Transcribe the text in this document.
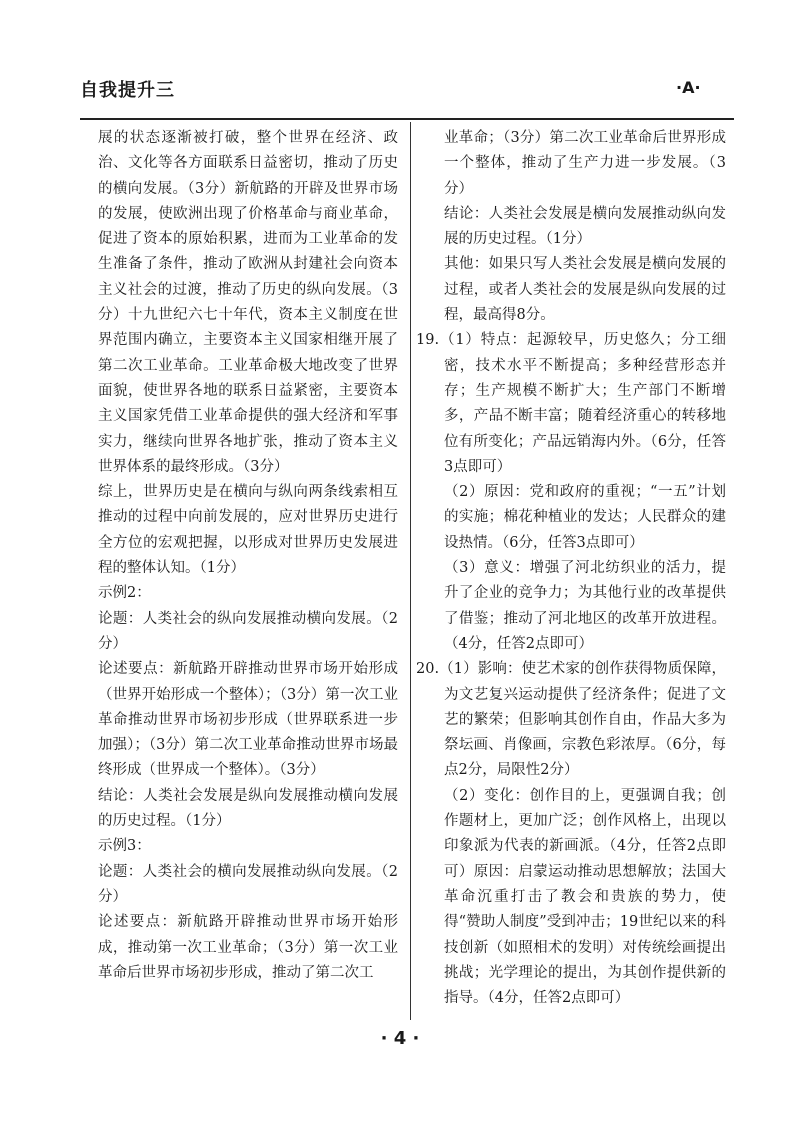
自我提升三	·A·

展的状态逐渐被打破，整个世界在经济、政治、文化等各方面联系日益密切，推动了历史的横向发展。（3分）新航路的开辟及世界市场的发展，使欧洲出现了价格革命与商业革命，促进了资本的原始积累，进而为工业革命的发生准备了条件，推动了欧洲从封建社会向资本主义社会的过渡，推动了历史的纵向发展。（3分）十九世纪六七十年代，资本主义制度在世界范围内确立，主要资本主义国家相继开展了第二次工业革命。工业革命极大地改变了世界面貌，使世界各地的联系日益紧密，主要资本主义国家凭借工业革命提供的强大经济和军事实力，继续向世界各地扩张，推动了资本主义世界体系的最终形成。（3分）

综上，世界历史是在横向与纵向两条线索相互推动的过程中向前发展的，应对世界历史进行全方位的宏观把握，以形成对世界历史发展进程的整体认知。（1分）

示例2：

论题：人类社会的纵向发展推动横向发展。（2分）

论述要点：新航路开辟推动世界市场开始形成（世界开始形成一个整体）；（3分）第一次工业革命推动世界市场初步形成（世界联系进一步加强）；（3分）第二次工业革命推动世界市场最终形成（世界成一个整体）。（3分）

结论：人类社会发展是纵向发展推动横向发展的历史过程。（1分）

示例3：

论题：人类社会的横向发展推动纵向发展。（2分）

论述要点：新航路开辟推动世界市场开始形成，推动第一次工业革命；（3分）第一次工业革命后世界市场初步形成，推动了第二次工

业革命；（3分）第二次工业革命后世界形成一个整体，推动了生产力进一步发展。（3分）

结论：人类社会发展是横向发展推动纵向发展的历史过程。（1分）

其他：如果只写人类社会发展是横向发展的过程，或者人类社会的发展是纵向发展的过程，最高得8分。

19.（1）特点：起源较早，历史悠久；分工细密，技术水平不断提高；多种经营形态并存；生产规模不断扩大；生产部门不断增多，产品不断丰富；随着经济重心的转移地位有所变化；产品远销海内外。（6分，任答3点即可）

（2）原因：党和政府的重视；“一五”计划的实施；棉花种植业的发达；人民群众的建设热情。（6分，任答3点即可）

（3）意义：增强了河北纺织业的活力，提升了企业的竞争力；为其他行业的改革提供了借鉴；推动了河北地区的改革开放进程。（4分，任答2点即可）

20.（1）影响：使艺术家的创作获得物质保障，为文艺复兴运动提供了经济条件；促进了文艺的繁荣；但影响其创作自由，作品大多为祭坛画、肖像画，宗教色彩浓厚。（6分，每点2分，局限性2分）

（2）变化：创作目的上，更强调自我；创作题材上，更加广泛；创作风格上，出现以印象派为代表的新画派。（4分，任答2点即可）原因：启蒙运动推动思想解放；法国大革命沉重打击了教会和贵族的势力，使得“赞助人制度”受到冲击；19世纪以来的科技创新（如照相术的发明）对传统绘画提出挑战；光学理论的提出，为其创作提供新的指导。（4分，任答2点即可）

· 4 ·
